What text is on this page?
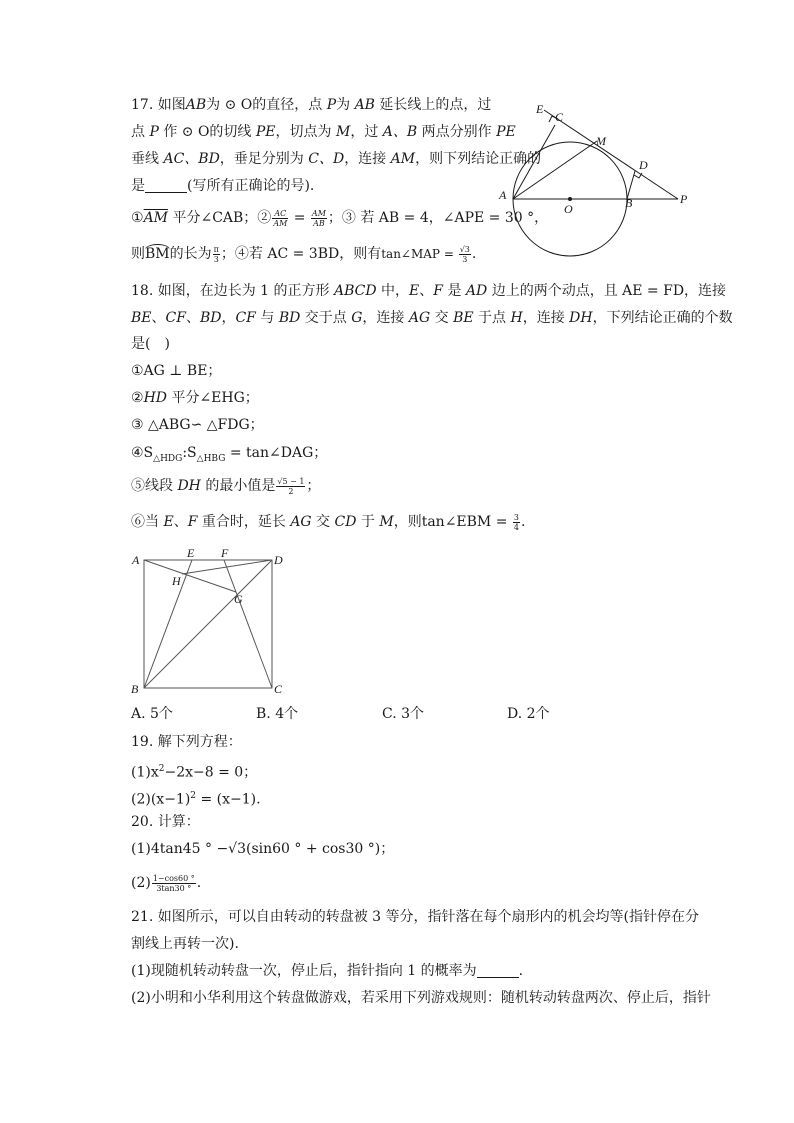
17. 如图AB为 ⊙ O的直径，点 P为 AB 延长线上的点，过
点 P 作 ⊙ O的切线 PE，切点为 M，过 A、B 两点分别作 PE
垂线 AC、BD，垂足分别为 C、D，连接 AM，则下列结论正确的
是	(写所有正确论的号).
$①\overline{AM}$ 平分∠CAB；② $\frac{AC}{AM} = \frac{AM}{AB}$ ；③ 若 AB = 4，∠APE = 30 °，
则BM的长为 $\frac{\pi}{3}$ ；④若 AC = 3BD，则有tan∠MAP = $\frac{√3}{3}$ .
E
C
M
D
A
O	B	P
18. 如图，在边长为 1 的正方形 ABCD 中，E、F 是 AD 边上的两个动点，且 AE = FD，连接
BE、CF、BD，CF 与 BD 交于点 G，连接 AG 交 BE 于点 H，连接 DH，下列结论正确的个数
是(　)
①AG ⊥ BE；
②HD 平分∠EHG；
③ △ABG∽ △FDG；
$④S_{\triangle HDG}:S_{\triangle HBG}$ = tan∠DAG；
⑤线段 DH 的最小值是 $\frac{√5 - 1}{2}$ ；
⑥当 E、F 重合时，延长 AG 交 CD 于 M，则tan∠EBM = $\frac{3}{4}$ .
A	E F	D
H
G
B	C
A. 5个	B. 4个	C. 3个	D. 2个
19. 解下列方程：
$(1)x^2-2x-8 = 0$；
$(2)(x-1)^2 = (x-1)$.
20. 计算：
(1)4tan45 ° −√3(sin60 ° + cos30 °)；
$(2) \frac{1-\cos 60 ^\circ}{3\tan 30 ^\circ}$ .
21. 如图所示，可以自由转动的转盘被 3 等分，指针落在每个扇形内的机会均等(指针停在分
割线上再转一次).
(1)现随机转动转盘一次，停止后，指针指向 1 的概率为	.
(2)小明和小华利用这个转盘做游戏，若采用下列游戏规则：随机转动转盘两次、停止后，指针
